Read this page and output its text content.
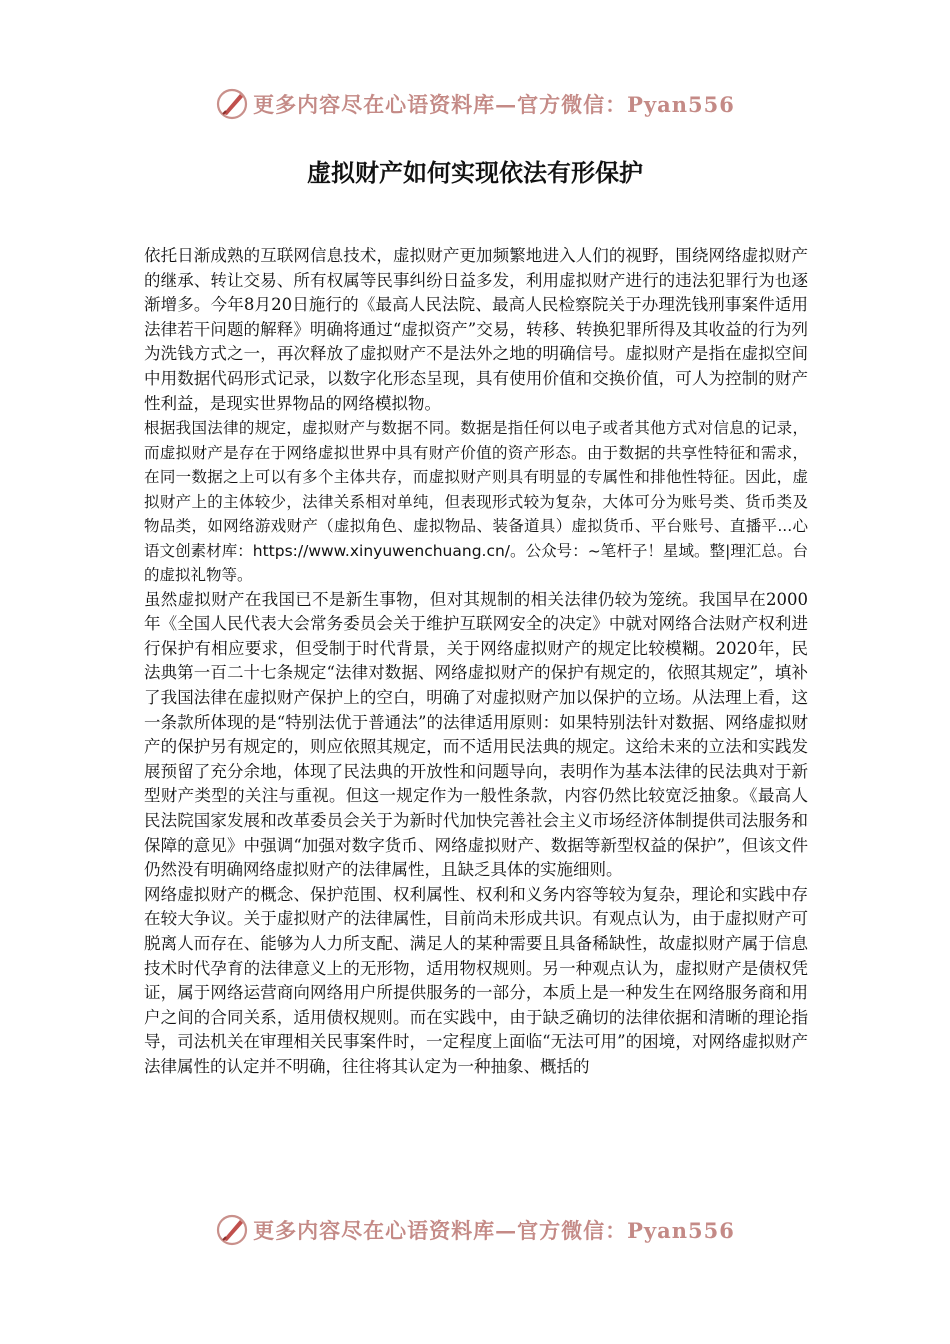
更多内容尽在心语资料库—官方微信：Pyan556
虚拟财产如何实现依法有形保护

依托日渐成熟的互联网信息技术，虚拟财产更加频繁地进入人们的视野，围绕网络虚拟财产的继承、转让交易、所有权属等民事纠纷日益多发，利用虚拟财产进行的违法犯罪行为也逐渐增多。今年8月20日施行的《最高人民法院、最高人民检察院关于办理洗钱刑事案件适用法律若干问题的解释》明确将通过“虚拟资产”交易，转移、转换犯罪所得及其收益的行为列为洗钱方式之一，再次释放了虚拟财产不是法外之地的明确信号。虚拟财产是指在虚拟空间中用数据代码形式记录，以数字化形态呈现，具有使用价值和交换价值，可人为控制的财产性利益，是现实世界物品的网络模拟物。

根据我国法律的规定，虚拟财产与数据不同。数据是指任何以电子或者其他方式对信息的记录，而虚拟财产是存在于网络虚拟世界中具有财产价值的资产形态。由于数据的共享性特征和需求，在同一数据之上可以有多个主体共存，而虚拟财产则具有明显的专属性和排他性特征。因此，虚拟财产上的主体较少，法律关系相对单纯，但表现形式较为复杂，大体可分为账号类、货币类及物品类，如网络游戏财产（虚拟角色、虚拟物品、装备道具）虚拟货币、平台账号、直播平...心语文创素材库：https://www.xinyuwenchuang.cn/。公众号：~笔杆子！星域。整|理汇总。台的虚拟礼物等。

虽然虚拟财产在我国已不是新生事物，但对其规制的相关法律仍较为笼统。我国早在2000年《全国人民代表大会常务委员会关于维护互联网安全的决定》中就对网络合法财产权利进行保护有相应要求，但受制于时代背景，关于网络虚拟财产的规定比较模糊。2020年，民法典第一百二十七条规定“法律对数据、网络虚拟财产的保护有规定的，依照其规定”，填补了我国法律在虚拟财产保护上的空白，明确了对虚拟财产加以保护的立场。从法理上看，这一条款所体现的是“特别法优于普通法”的法律适用原则：如果特别法针对数据、网络虚拟财产的保护另有规定的，则应依照其规定，而不适用民法典的规定。这给未来的立法和实践发展预留了充分余地，体现了民法典的开放性和问题导向，表明作为基本法律的民法典对于新型财产类型的关注与重视。但这一规定作为一般性条款，内容仍然比较宽泛抽象。《最高人民法院国家发展和改革委员会关于为新时代加快完善社会主义市场经济体制提供司法服务和保障的意见》中强调“加强对数字货币、网络虚拟财产、数据等新型权益的保护”，但该文件仍然没有明确网络虚拟财产的法律属性，且缺乏具体的实施细则。

网络虚拟财产的概念、保护范围、权利属性、权利和义务内容等较为复杂，理论和实践中存在较大争议。关于虚拟财产的法律属性，目前尚未形成共识。有观点认为，由于虚拟财产可脱离人而存在、能够为人力所支配、满足人的某种需要且具备稀缺性，故虚拟财产属于信息技术时代孕育的法律意义上的无形物，适用物权规则。另一种观点认为，虚拟财产是债权凭证，属于网络运营商向网络用户所提供服务的一部分，本质上是一种发生在网络服务商和用户之间的合同关系，适用债权规则。而在实践中，由于缺乏确切的法律依据和清晰的理论指导，司法机关在审理相关民事案件时，一定程度上面临“无法可用”的困境，对网络虚拟财产法律属性的认定并不明确，往往将其认定为一种抽象、概括的

更多内容尽在心语资料库—官方微信：Pyan556
